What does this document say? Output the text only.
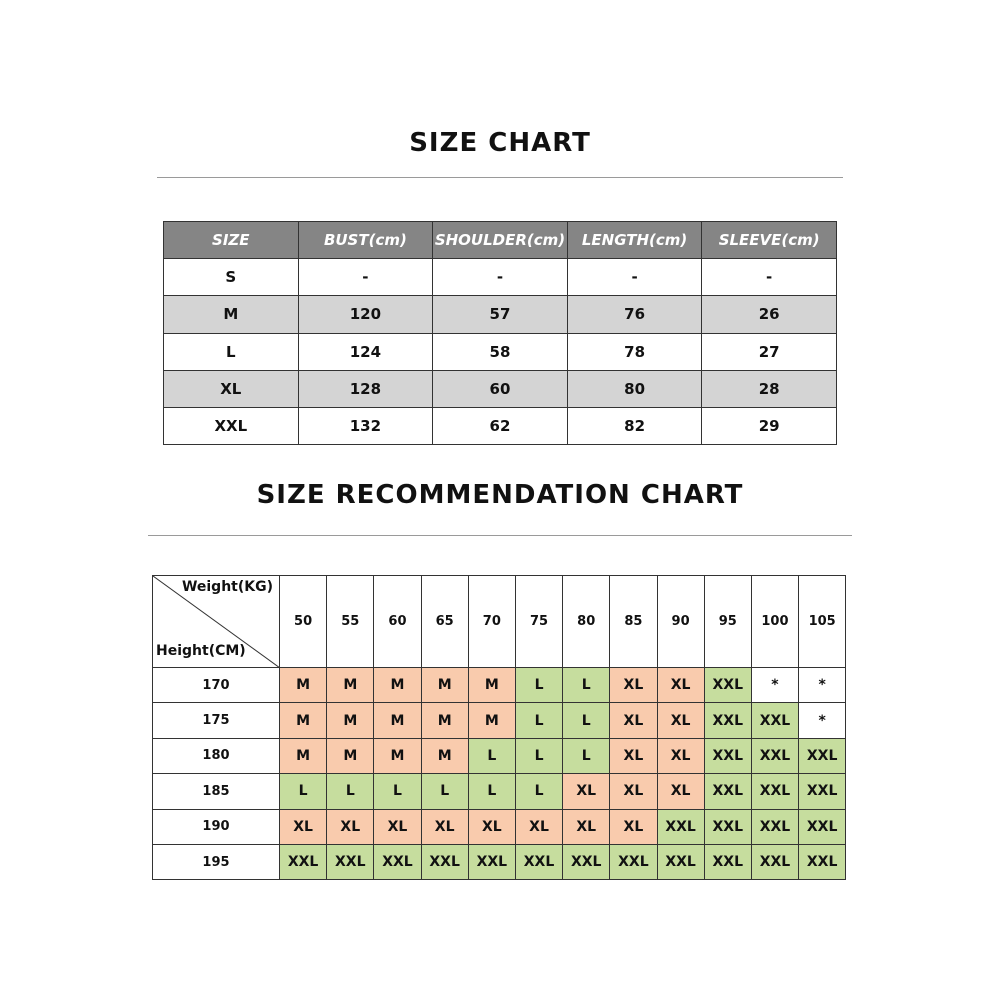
SIZE CHART
SIZE	BUST(cm)	SHOULDER(cm)	LENGTH(cm)	SLEEVE(cm)
S	-	-	-	-
M	120	57	76	26
L	124	58	78	27
XL	128	60	80	28
XXL	132	62	82	29
SIZE RECOMMENDATION CHART
Weight(KG)
Height(CM)	50	55	60	65	70	75	80	85	90	95	100	105
170	M	M	M	M	M	L	L	XL	XL	XXL	*	*
175	M	M	M	M	M	L	L	XL	XL	XXL	XXL	*
180	M	M	M	M	L	L	L	XL	XL	XXL	XXL	XXL
185	L	L	L	L	L	L	XL	XL	XL	XXL	XXL	XXL
190	XL	XL	XL	XL	XL	XL	XL	XL	XXL	XXL	XXL	XXL
195	XXL	XXL	XXL	XXL	XXL	XXL	XXL	XXL	XXL	XXL	XXL	XXL
